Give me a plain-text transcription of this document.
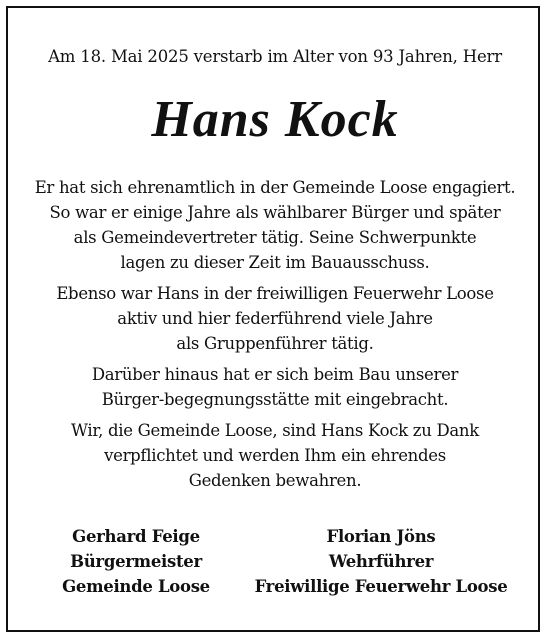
Am 18. Mai 2025 verstarb im Alter von 93 Jahren, Herr
Hans Kock
Er hat sich ehrenamtlich in der Gemeinde Loose engagiert.
So war er einige Jahre als wählbarer Bürger und später
als Gemeindevertreter tätig. Seine Schwerpunkte
lagen zu dieser Zeit im Bauausschuss.
Ebenso war Hans in der freiwilligen Feuerwehr Loose
aktiv und hier federführend viele Jahre
als Gruppenführer tätig.
Darüber hinaus hat er sich beim Bau unserer
Bürger-begegnungsstätte mit eingebracht.
Wir, die Gemeinde Loose, sind Hans Kock zu Dank
verpflichtet und werden Ihm ein ehrendes
Gedenken bewahren.
Gerhard Feige
Bürgermeister
Gemeinde Loose
Florian Jöns
Wehrführer
Freiwillige Feuerwehr Loose
